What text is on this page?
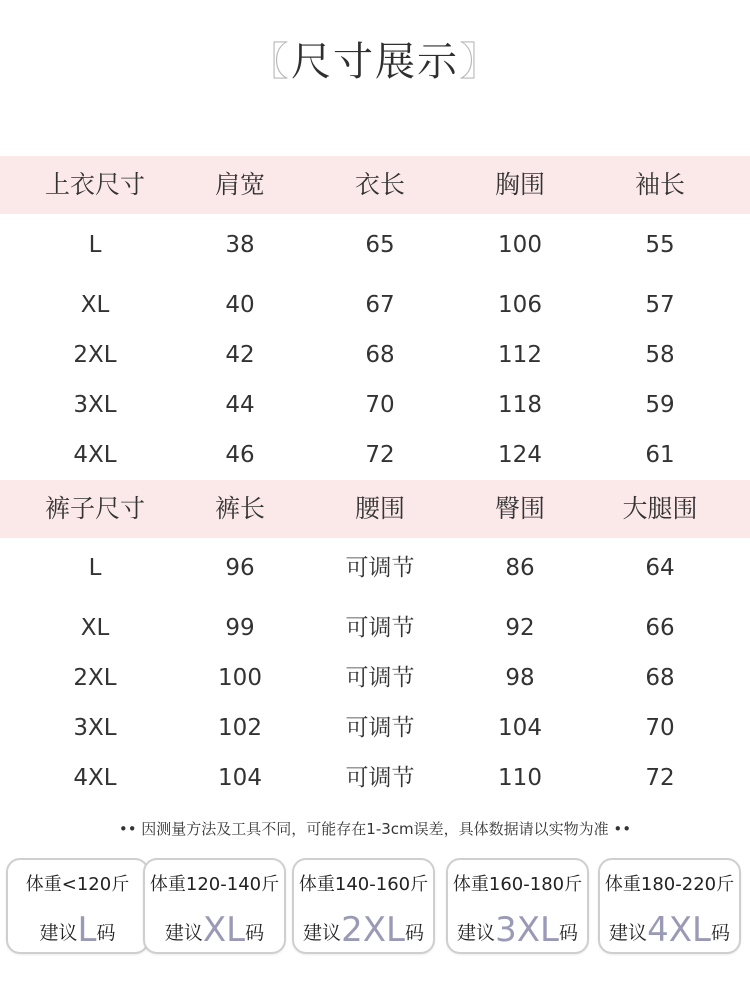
〖尺寸展示〗
上衣尺寸	肩宽	衣长	胸围	袖长
L	38	65	100	55
XL	40	67	106	57
2XL	42	68	112	58
3XL	44	70	118	59
4XL	46	72	124	61
裤子尺寸	裤长	腰围	臀围	大腿围
L	96	可调节	86	64
XL	99	可调节	92	66
2XL	100	可调节	98	68
3XL	102	可调节	104	70
4XL	104	可调节	110	72
•• 因测量方法及工具不同，可能存在1-3cm误差，具体数据请以实物为准 ••
体重<120斤
建议L码
体重120-140斤
建议XL码
体重140-160斤
建议2XL码
体重160-180斤
建议3XL码
体重180-220斤
建议4XL码
